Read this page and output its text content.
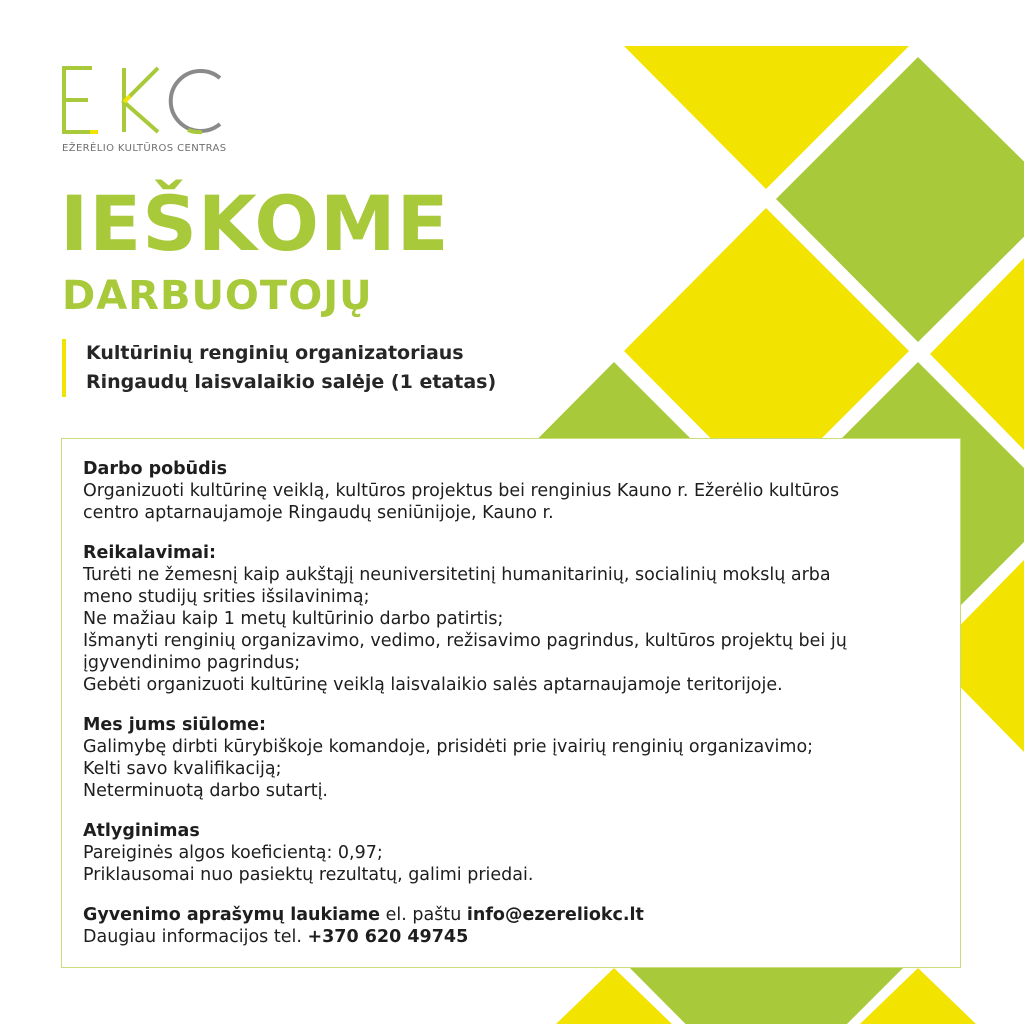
EŽERĖLIO KULTŪROS CENTRAS
IEŠKOME
DARBUOTOJŲ
Kultūrinių renginių organizatoriaus
Ringaudų laisvalaikio salėje (1 etatas)
Darbo pobūdis
Organizuoti kultūrinę veiklą, kultūros projektus bei renginius Kauno r. Ežerėlio kultūros
centro aptarnaujamoje Ringaudų seniūnijoje, Kauno r.
Reikalavimai:
Turėti ne žemesnį kaip aukštąjį neuniversitetinį humanitarinių, socialinių mokslų arba
meno studijų srities išsilavinimą;
Ne mažiau kaip 1 metų kultūrinio darbo patirtis;
Išmanyti renginių organizavimo, vedimo, režisavimo pagrindus, kultūros projektų bei jų
įgyvendinimo pagrindus;
Gebėti organizuoti kultūrinę veiklą laisvalaikio salės aptarnaujamoje teritorijoje.
Mes jums siūlome:
Galimybę dirbti kūrybiškoje komandoje, prisidėti prie įvairių renginių organizavimo;
Kelti savo kvalifikaciją;
Neterminuotą darbo sutartį.
Atlyginimas
Pareiginės algos koeficientą: 0,97;
Priklausomai nuo pasiektų rezultatų, galimi priedai.
Gyvenimo aprašymų laukiame el. paštu info@ezereliokc.lt
Daugiau informacijos tel. +370 620 49745
